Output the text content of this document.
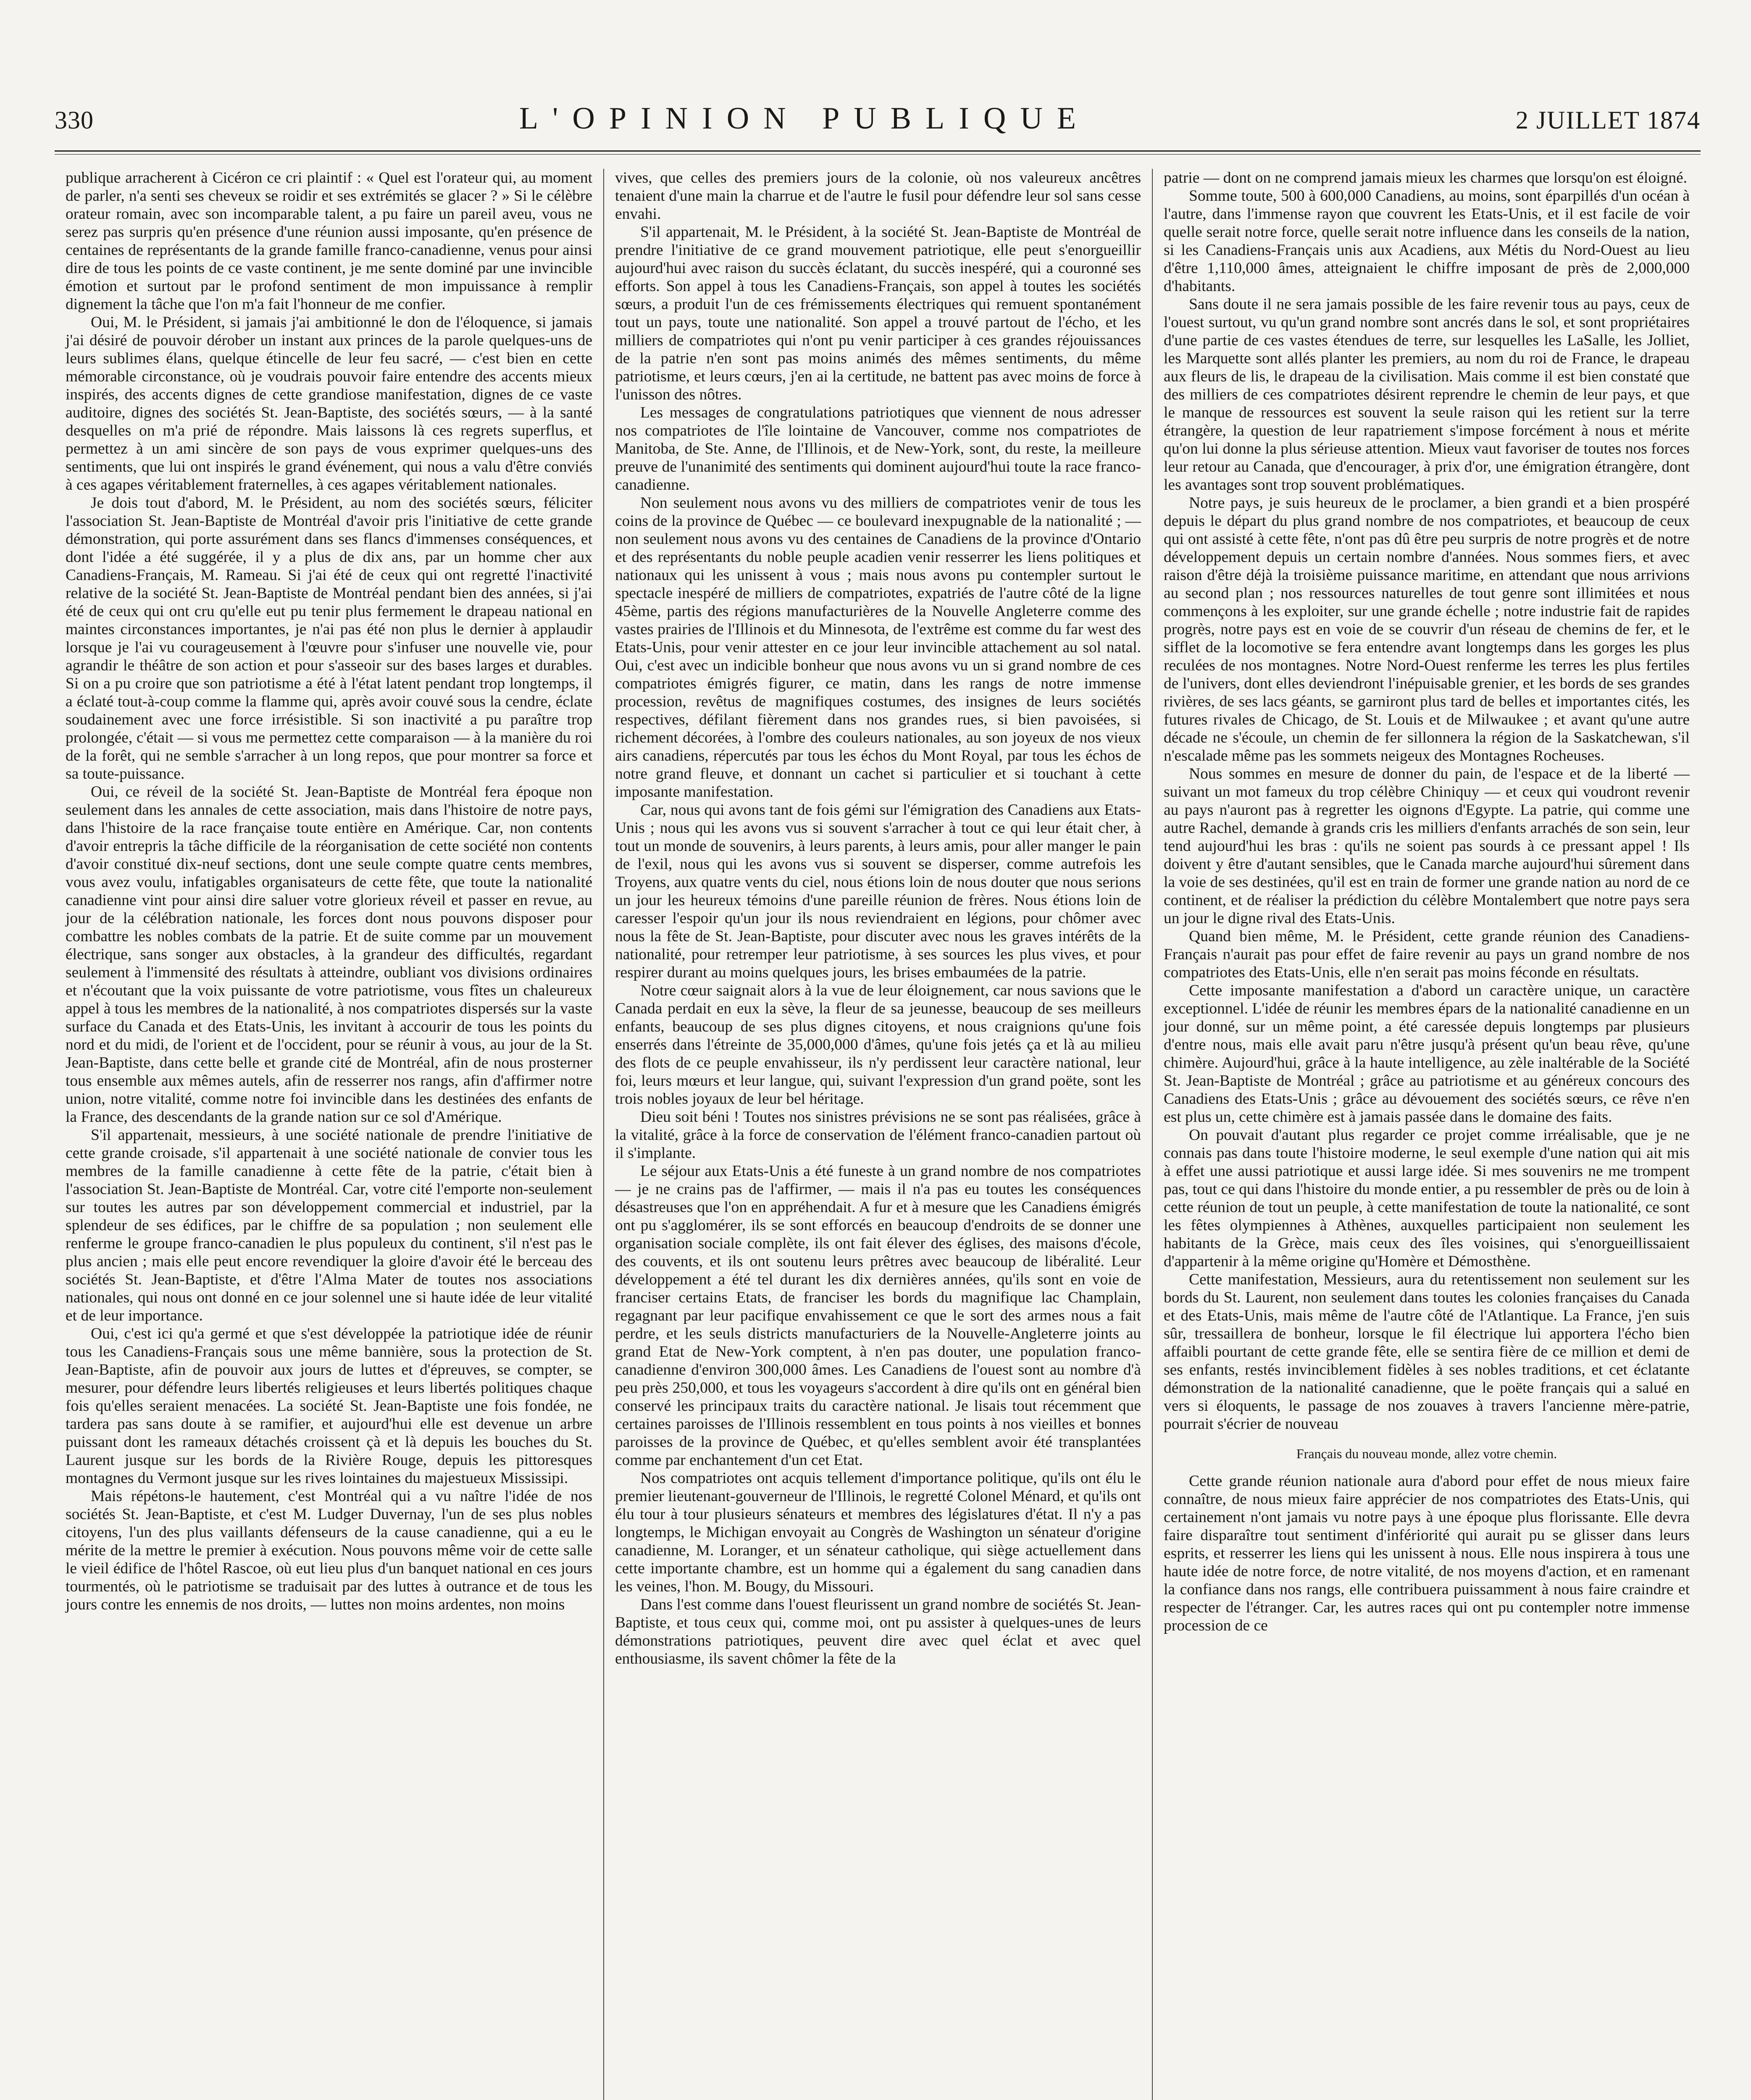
330	L'OPINION PUBLIQUE	2 JUILLET 1874

publique arracherent à Cicéron ce cri plaintif : « Quel est l'orateur qui, au moment de parler, n'a senti ses cheveux se roidir et ses extrémités se glacer ? » Si le célèbre orateur romain, avec son incomparable talent, a pu faire un pareil aveu, vous ne serez pas surpris qu'en présence d'une réunion aussi imposante, qu'en présence de centaines de représentants de la grande famille franco-canadienne, venus pour ainsi dire de tous les points de ce vaste continent, je me sente dominé par une invincible émotion et surtout par le profond sentiment de mon impuissance à remplir dignement la tâche que l'on m'a fait l'honneur de me confier.

Oui, M. le Président, si jamais j'ai ambitionné le don de l'éloquence, si jamais j'ai désiré de pouvoir dérober un instant aux princes de la parole quelques-uns de leurs sublimes élans, quelque étincelle de leur feu sacré, — c'est bien en cette mémorable circonstance, où je voudrais pouvoir faire entendre des accents mieux inspirés, des accents dignes de cette grandiose manifestation, dignes de ce vaste auditoire, dignes des sociétés St. Jean-Baptiste, des sociétés sœurs, — à la santé desquelles on m'a prié de répondre. Mais laissons là ces regrets superflus, et permettez à un ami sincère de son pays de vous exprimer quelques-uns des sentiments, que lui ont inspirés le grand événement, qui nous a valu d'être conviés à ces agapes véritablement fraternelles, à ces agapes véritablement nationales.

Je dois tout d'abord, M. le Président, au nom des sociétés sœurs, féliciter l'association St. Jean-Baptiste de Montréal d'avoir pris l'initiative de cette grande démonstration, qui porte assurément dans ses flancs d'immenses conséquences, et dont l'idée a été suggérée, il y a plus de dix ans, par un homme cher aux Canadiens-Français, M. Rameau. Si j'ai été de ceux qui ont regretté l'inactivité relative de la société St. Jean-Baptiste de Montréal pendant bien des années, si j'ai été de ceux qui ont cru qu'elle eut pu tenir plus fermement le drapeau national en maintes circonstances importantes, je n'ai pas été non plus le dernier à applaudir lorsque je l'ai vu courageusement à l'œuvre pour s'infuser une nouvelle vie, pour agrandir le théâtre de son action et pour s'asseoir sur des bases larges et durables. Si on a pu croire que son patriotisme a été à l'état latent pendant trop longtemps, il a éclaté tout-à-coup comme la flamme qui, après avoir couvé sous la cendre, éclate soudainement avec une force irrésistible. Si son inactivité a pu paraître trop prolongée, c'était — si vous me permettez cette comparaison — à la manière du roi de la forêt, qui ne semble s'arracher à un long repos, que pour montrer sa force et sa toute-puissance.

Oui, ce réveil de la société St. Jean-Baptiste de Montréal fera époque non seulement dans les annales de cette association, mais dans l'histoire de notre pays, dans l'histoire de la race française toute entière en Amérique. Car, non contents d'avoir entrepris la tâche difficile de la réorganisation de cette société non contents d'avoir constitué dix-neuf sections, dont une seule compte quatre cents membres, vous avez voulu, infatigables organisateurs de cette fête, que toute la nationalité canadienne vint pour ainsi dire saluer votre glorieux réveil et passer en revue, au jour de la célébration nationale, les forces dont nous pouvons disposer pour combattre les nobles combats de la patrie. Et de suite comme par un mouvement électrique, sans songer aux obstacles, à la grandeur des difficultés, regardant seulement à l'immensité des résultats à atteindre, oubliant vos divisions ordinaires et n'écoutant que la voix puissante de votre patriotisme, vous fîtes un chaleureux appel à tous les membres de la nationalité, à nos compatriotes dispersés sur la vaste surface du Canada et des Etats-Unis, les invitant à accourir de tous les points du nord et du midi, de l'orient et de l'occident, pour se réunir à vous, au jour de la St. Jean-Baptiste, dans cette belle et grande cité de Montréal, afin de nous prosterner tous ensemble aux mêmes autels, afin de resserrer nos rangs, afin d'affirmer notre union, notre vitalité, comme notre foi invincible dans les destinées des enfants de la France, des descendants de la grande nation sur ce sol d'Amérique.

S'il appartenait, messieurs, à une société nationale de prendre l'initiative de cette grande croisade, s'il appartenait à une société nationale de convier tous les membres de la famille canadienne à cette fête de la patrie, c'était bien à l'association St. Jean-Baptiste de Montréal. Car, votre cité l'emporte non-seulement sur toutes les autres par son développement commercial et industriel, par la splendeur de ses édifices, par le chiffre de sa population ; non seulement elle renferme le groupe franco-canadien le plus populeux du continent, s'il n'est pas le plus ancien ; mais elle peut encore revendiquer la gloire d'avoir été le berceau des sociétés St. Jean-Baptiste, et d'être l'Alma Mater de toutes nos associations nationales, qui nous ont donné en ce jour solennel une si haute idée de leur vitalité et de leur importance.

Oui, c'est ici qu'a germé et que s'est développée la patriotique idée de réunir tous les Canadiens-Français sous une même bannière, sous la protection de St. Jean-Baptiste, afin de pouvoir aux jours de luttes et d'épreuves, se compter, se mesurer, pour défendre leurs libertés religieuses et leurs libertés politiques chaque fois qu'elles seraient menacées. La société St. Jean-Baptiste une fois fondée, ne tardera pas sans doute à se ramifier, et aujourd'hui elle est devenue un arbre puissant dont les rameaux détachés croissent çà et là depuis les bouches du St. Laurent jusque sur les bords de la Rivière Rouge, depuis les pittoresques montagnes du Vermont jusque sur les rives lointaines du majestueux Mississipi.

Mais répétons-le hautement, c'est Montréal qui a vu naître l'idée de nos sociétés St. Jean-Baptiste, et c'est M. Ludger Duvernay, l'un de ses plus nobles citoyens, l'un des plus vaillants défenseurs de la cause canadienne, qui a eu le mérite de la mettre le premier à exécution. Nous pouvons même voir de cette salle le vieil édifice de l'hôtel Rascoe, où eut lieu plus d'un banquet national en ces jours tourmentés, où le patriotisme se traduisait par des luttes à outrance et de tous les jours contre les ennemis de nos droits, — luttes non moins ardentes, non moins

vives, que celles des premiers jours de la colonie, où nos valeureux ancêtres tenaient d'une main la charrue et de l'autre le fusil pour défendre leur sol sans cesse envahi.

S'il appartenait, M. le Président, à la société St. Jean-Baptiste de Montréal de prendre l'initiative de ce grand mouvement patriotique, elle peut s'enorgueillir aujourd'hui avec raison du succès éclatant, du succès inespéré, qui a couronné ses efforts. Son appel à tous les Canadiens-Français, son appel à toutes les sociétés sœurs, a produit l'un de ces frémissements électriques qui remuent spontanément tout un pays, toute une nationalité. Son appel a trouvé partout de l'écho, et les milliers de compatriotes qui n'ont pu venir participer à ces grandes réjouissances de la patrie n'en sont pas moins animés des mêmes sentiments, du même patriotisme, et leurs cœurs, j'en ai la certitude, ne battent pas avec moins de force à l'unisson des nôtres.

Les messages de congratulations patriotiques que viennent de nous adresser nos compatriotes de l'île lointaine de Vancouver, comme nos compatriotes de Manitoba, de Ste. Anne, de l'Illinois, et de New-York, sont, du reste, la meilleure preuve de l'unanimité des sentiments qui dominent aujourd'hui toute la race franco-canadienne.

Non seulement nous avons vu des milliers de compatriotes venir de tous les coins de la province de Québec — ce boulevard inexpugnable de la nationalité ; — non seulement nous avons vu des centaines de Canadiens de la province d'Ontario et des représentants du noble peuple acadien venir resserrer les liens politiques et nationaux qui les unissent à vous ; mais nous avons pu contempler surtout le spectacle inespéré de milliers de compatriotes, expatriés de l'autre côté de la ligne 45ème, partis des régions manufacturières de la Nouvelle Angleterre comme des vastes prairies de l'Illinois et du Minnesota, de l'extrême est comme du far west des Etats-Unis, pour venir attester en ce jour leur invincible attachement au sol natal. Oui, c'est avec un indicible bonheur que nous avons vu un si grand nombre de ces compatriotes émigrés figurer, ce matin, dans les rangs de notre immense procession, revêtus de magnifiques costumes, des insignes de leurs sociétés respectives, défilant fièrement dans nos grandes rues, si bien pavoisées, si richement décorées, à l'ombre des couleurs nationales, au son joyeux de nos vieux airs canadiens, répercutés par tous les échos du Mont Royal, par tous les échos de notre grand fleuve, et donnant un cachet si particulier et si touchant à cette imposante manifestation.

Car, nous qui avons tant de fois gémi sur l'émigration des Canadiens aux Etats-Unis ; nous qui les avons vus si souvent s'arracher à tout ce qui leur était cher, à tout un monde de souvenirs, à leurs parents, à leurs amis, pour aller manger le pain de l'exil, nous qui les avons vus si souvent se disperser, comme autrefois les Troyens, aux quatre vents du ciel, nous étions loin de nous douter que nous serions un jour les heureux témoins d'une pareille réunion de frères. Nous étions loin de caresser l'espoir qu'un jour ils nous reviendraient en légions, pour chômer avec nous la fête de St. Jean-Baptiste, pour discuter avec nous les graves intérêts de la nationalité, pour retremper leur patriotisme, à ses sources les plus vives, et pour respirer durant au moins quelques jours, les brises embaumées de la patrie.

Notre cœur saignait alors à la vue de leur éloignement, car nous savions que le Canada perdait en eux la sève, la fleur de sa jeunesse, beaucoup de ses meilleurs enfants, beaucoup de ses plus dignes citoyens, et nous craignions qu'une fois enserrés dans l'étreinte de 35,000,000 d'âmes, qu'une fois jetés ça et là au milieu des flots de ce peuple envahisseur, ils n'y perdissent leur caractère national, leur foi, leurs mœurs et leur langue, qui, suivant l'expression d'un grand poëte, sont les trois nobles joyaux de leur bel héritage.

Dieu soit béni ! Toutes nos sinistres prévisions ne se sont pas réalisées, grâce à la vitalité, grâce à la force de conservation de l'élément franco-canadien partout où il s'implante.

Le séjour aux Etats-Unis a été funeste à un grand nombre de nos compatriotes — je ne crains pas de l'affirmer, — mais il n'a pas eu toutes les conséquences désastreuses que l'on en appréhendait. A fur et à mesure que les Canadiens émigrés ont pu s'agglomérer, ils se sont efforcés en beaucoup d'endroits de se donner une organisation sociale complète, ils ont fait élever des églises, des maisons d'école, des couvents, et ils ont soutenu leurs prêtres avec beaucoup de libéralité. Leur développement a été tel durant les dix dernières années, qu'ils sont en voie de franciser certains Etats, de franciser les bords du magnifique lac Champlain, regagnant par leur pacifique envahissement ce que le sort des armes nous a fait perdre, et les seuls districts manufacturiers de la Nouvelle-Angleterre joints au grand Etat de New-York comptent, à n'en pas douter, une population franco-canadienne d'environ 300,000 âmes. Les Canadiens de l'ouest sont au nombre d'à peu près 250,000, et tous les voyageurs s'accordent à dire qu'ils ont en général bien conservé les principaux traits du caractère national. Je lisais tout récemment que certaines paroisses de l'Illinois ressemblent en tous points à nos vieilles et bonnes paroisses de la province de Québec, et qu'elles semblent avoir été transplantées comme par enchantement d'un cet Etat.

Nos compatriotes ont acquis tellement d'importance politique, qu'ils ont élu le premier lieutenant-gouverneur de l'Illinois, le regretté Colonel Ménard, et qu'ils ont élu tour à tour plusieurs sénateurs et membres des législatures d'état. Il n'y a pas longtemps, le Michigan envoyait au Congrès de Washington un sénateur d'origine canadienne, M. Loranger, et un sénateur catholique, qui siège actuellement dans cette importante chambre, est un homme qui a également du sang canadien dans les veines, l'hon. M. Bougy, du Missouri.

Dans l'est comme dans l'ouest fleurissent un grand nombre de sociétés St. Jean-Baptiste, et tous ceux qui, comme moi, ont pu assister à quelques-unes de leurs démonstrations patriotiques, peuvent dire avec quel éclat et avec quel enthousiasme, ils savent chômer la fête de la

patrie — dont on ne comprend jamais mieux les charmes que lorsqu'on est éloigné.

Somme toute, 500 à 600,000 Canadiens, au moins, sont éparpillés d'un océan à l'autre, dans l'immense rayon que couvrent les Etats-Unis, et il est facile de voir quelle serait notre force, quelle serait notre influence dans les conseils de la nation, si les Canadiens-Français unis aux Acadiens, aux Métis du Nord-Ouest au lieu d'être 1,110,000 âmes, atteignaient le chiffre imposant de près de 2,000,000 d'habitants.

Sans doute il ne sera jamais possible de les faire revenir tous au pays, ceux de l'ouest surtout, vu qu'un grand nombre sont ancrés dans le sol, et sont propriétaires d'une partie de ces vastes étendues de terre, sur lesquelles les LaSalle, les Jolliet, les Marquette sont allés planter les premiers, au nom du roi de France, le drapeau aux fleurs de lis, le drapeau de la civilisation. Mais comme il est bien constaté que des milliers de ces compatriotes désirent reprendre le chemin de leur pays, et que le manque de ressources est souvent la seule raison qui les retient sur la terre étrangère, la question de leur rapatriement s'impose forcément à nous et mérite qu'on lui donne la plus sérieuse attention. Mieux vaut favoriser de toutes nos forces leur retour au Canada, que d'encourager, à prix d'or, une émigration étrangère, dont les avantages sont trop souvent problématiques.

Notre pays, je suis heureux de le proclamer, a bien grandi et a bien prospéré depuis le départ du plus grand nombre de nos compatriotes, et beaucoup de ceux qui ont assisté à cette fête, n'ont pas dû être peu surpris de notre progrès et de notre développement depuis un certain nombre d'années. Nous sommes fiers, et avec raison d'être déjà la troisième puissance maritime, en attendant que nous arrivions au second plan ; nos ressources naturelles de tout genre sont illimitées et nous commençons à les exploiter, sur une grande échelle ; notre industrie fait de rapides progrès, notre pays est en voie de se couvrir d'un réseau de chemins de fer, et le sifflet de la locomotive se fera entendre avant longtemps dans les gorges les plus reculées de nos montagnes. Notre Nord-Ouest renferme les terres les plus fertiles de l'univers, dont elles deviendront l'inépuisable grenier, et les bords de ses grandes rivières, de ses lacs géants, se garniront plus tard de belles et importantes cités, les futures rivales de Chicago, de St. Louis et de Milwaukee ; et avant qu'une autre décade ne s'écoule, un chemin de fer sillonnera la région de la Saskatchewan, s'il n'escalade même pas les sommets neigeux des Montagnes Rocheuses.

Nous sommes en mesure de donner du pain, de l'espace et de la liberté — suivant un mot fameux du trop célèbre Chiniquy — et ceux qui voudront revenir au pays n'auront pas à regretter les oignons d'Egypte. La patrie, qui comme une autre Rachel, demande à grands cris les milliers d'enfants arrachés de son sein, leur tend aujourd'hui les bras : qu'ils ne soient pas sourds à ce pressant appel ! Ils doivent y être d'autant sensibles, que le Canada marche aujourd'hui sûrement dans la voie de ses destinées, qu'il est en train de former une grande nation au nord de ce continent, et de réaliser la prédiction du célèbre Montalembert que notre pays sera un jour le digne rival des Etats-Unis.

Quand bien même, M. le Président, cette grande réunion des Canadiens-Français n'aurait pas pour effet de faire revenir au pays un grand nombre de nos compatriotes des Etats-Unis, elle n'en serait pas moins féconde en résultats.

Cette imposante manifestation a d'abord un caractère unique, un caractère exceptionnel. L'idée de réunir les membres épars de la nationalité canadienne en un jour donné, sur un même point, a été caressée depuis longtemps par plusieurs d'entre nous, mais elle avait paru n'être jusqu'à présent qu'un beau rêve, qu'une chimère. Aujourd'hui, grâce à la haute intelligence, au zèle inaltérable de la Société St. Jean-Baptiste de Montréal ; grâce au patriotisme et au généreux concours des Canadiens des Etats-Unis ; grâce au dévouement des sociétés sœurs, ce rêve n'en est plus un, cette chimère est à jamais passée dans le domaine des faits.

On pouvait d'autant plus regarder ce projet comme irréalisable, que je ne connais pas dans toute l'histoire moderne, le seul exemple d'une nation qui ait mis à effet une aussi patriotique et aussi large idée. Si mes souvenirs ne me trompent pas, tout ce qui dans l'histoire du monde entier, a pu ressembler de près ou de loin à cette réunion de tout un peuple, à cette manifestation de toute la nationalité, ce sont les fêtes olympiennes à Athènes, auxquelles participaient non seulement les habitants de la Grèce, mais ceux des îles voisines, qui s'enorgueillissaient d'appartenir à la même origine qu'Homère et Démosthène.

Cette manifestation, Messieurs, aura du retentissement non seulement sur les bords du St. Laurent, non seulement dans toutes les colonies françaises du Canada et des Etats-Unis, mais même de l'autre côté de l'Atlantique. La France, j'en suis sûr, tressaillera de bonheur, lorsque le fil électrique lui apportera l'écho bien affaibli pourtant de cette grande fête, elle se sentira fière de ce million et demi de ses enfants, restés invinciblement fidèles à ses nobles traditions, et cet éclatante démonstration de la nationalité canadienne, que le poëte français qui a salué en vers si éloquents, le passage de nos zouaves à travers l'ancienne mère-patrie, pourrait s'écrier de nouveau

Français du nouveau monde, allez votre chemin.

Cette grande réunion nationale aura d'abord pour effet de nous mieux faire connaître, de nous mieux faire apprécier de nos compatriotes des Etats-Unis, qui certainement n'ont jamais vu notre pays à une époque plus florissante. Elle devra faire disparaître tout sentiment d'infériorité qui aurait pu se glisser dans leurs esprits, et resserrer les liens qui les unissent à nous. Elle nous inspirera à tous une haute idée de notre force, de notre vitalité, de nos moyens d'action, et en ramenant la confiance dans nos rangs, elle contribuera puissamment à nous faire craindre et respecter de l'étranger. Car, les autres races qui ont pu contempler notre immense procession de ce
